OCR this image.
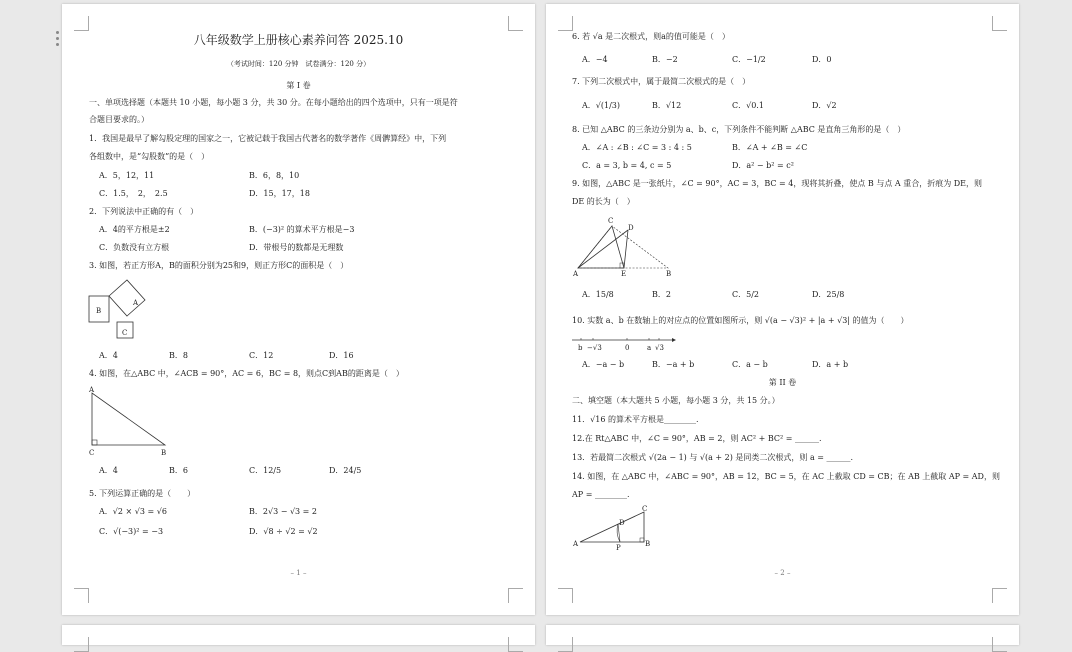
八年级数学上册核心素养问答 2025.10
（考试时间：120 分钟　试卷满分：120 分）
第 I 卷
一、单项选择题（本题共 10 小题，每小题 3 分，共 30 分。在每小题给出的四个选项中，只有一项是符
合题目要求的。）
1．我国是最早了解勾股定理的国家之一，它被记载于我国古代著名的数学著作《周髀算经》中，下列
各组数中，是“勾股数”的是（　）
A．5，12，11	B．6，8，10
C．1.5，　2，　2.5	D．15，17，18
2．下列说法中正确的有（　）
A．4的平方根是±2	B．(−3)² 的算术平方根是−3
C．负数没有立方根	D．带根号的数都是无理数
3. 如图，若正方形A，B的面积分别为25和9，则正方形C的面积是（　）
B
A
C
A．4	B．8	C．12	D．16
4. 如图，在△ABC 中，∠ACB = 90°，AC = 6，BC = 8，则点C到AB的距离是（　）
A
C	B
A．4	B．6	C．12/5	D．24/5
5. 下列运算正确的是（　　）
A．√2 × √3 = √6	B．2√3 − √3 = 2
C．√(−3)² = −3	D．√8 ÷ √2 = √2
– 1 –
6. 若 √a 是二次根式，则a的值可能是（　）
A．−4	B．−2	C．−1/2	D．0
7. 下列二次根式中，属于最简二次根式的是（　）
A．√(1/3)	B．√12	C．√0.1	D．√2
8. 已知 △ABC 的三条边分别为 a、b、c，下列条件不能判断 △ABC 是直角三角形的是（　）
A．∠A : ∠B : ∠C = 3 : 4 : 5	B．∠A + ∠B = ∠C
C．a = 3, b = 4, c = 5	D．a² − b² = c²
9. 如图，△ABC 是一张纸片，∠C = 90°，AC = 3，BC = 4，现将其折叠，使点 B 与点 A 重合，折痕为 DE，则
DE 的长为（　）
A
C
D
E	B
A．15/8	B．2	C．5/2	D．25/8
10. 实数 a、b 在数轴上的对应点的位置如图所示，则 √(a − √3)² + |a + √3| 的值为（　　）
b −√3	0	a √3
A．−a − b	B．−a + b	C．a − b	D．a + b
第 II 卷
二、填空题（本大题共 5 小题，每小题 3 分，共 15 分。）
11．√16 的算术平方根是________.
12.在 Rt△ABC 中，∠C = 90°，AB = 2，则 AC² + BC² = ______.
13．若最简二次根式 √(2a − 1) 与 √(a + 2) 是同类二次根式，则 a = ______.
14. 如图，在 △ABC 中，∠ABC = 90°，AB = 12，BC = 5，在 AC 上截取 CD = CB；在 AB 上截取 AP = AD，则
AP = ________.
A	B
C
D
P
– 2 –
